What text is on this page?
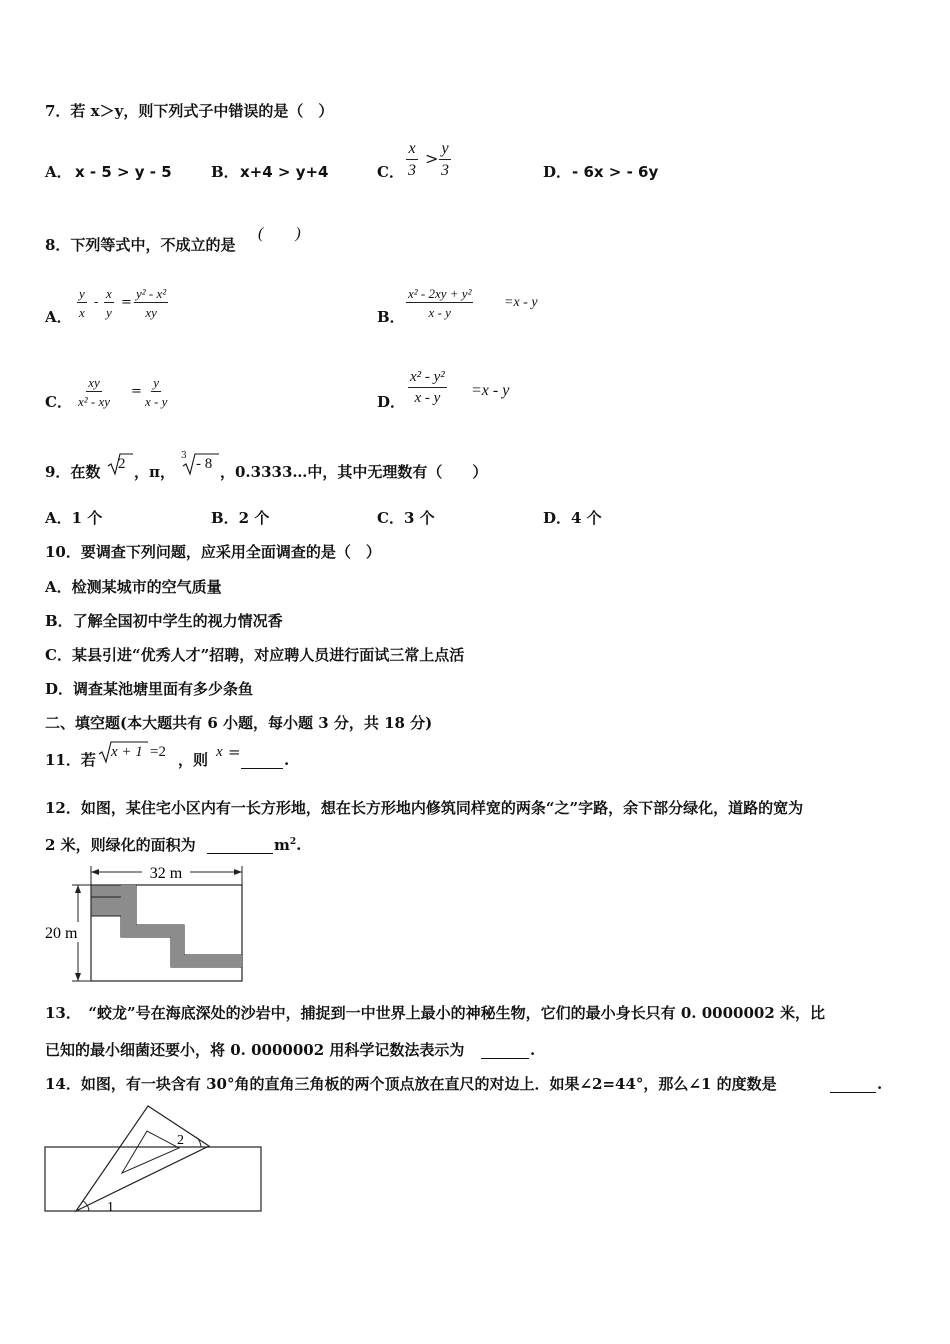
7．若 x＞y，则下列式子中错误的是（　）
A． x - 5 > y - 5	B． x+4 > y+4	C． $\frac{x}{3} > \frac{y}{3}$	D． - 6x > - 6y
8．下列等式中，不成立的是
(　　)
A． $\frac{y}{x} - \frac{x}{y} = \frac{\text{y² - x²}}{xy}$	B． $\frac{\text{x² - 2xy + y²}}{x - y} =x - y$
C． $\frac{xy}{\text{x² - xy}} = \frac{y}{x - y}$	D． $\frac{\text{x² - y²}}{x - y} =x - y$
9．在数 2 ，π，
3 - 8 ，0.3333…中，其中无理数有（　　）
A．1 个	B．2 个	C．3 个	D．4 个
10．要调查下列问题，应采用全面调查的是（　）
A．检测某城市的空气质量
B．了解全国初中学生的视力情况香
C．某县引进“优秀人才”招聘，对应聘人员进行面试三常上点活
D．调查某池塘里面有多少条鱼
二、填空题(本大题共有 6 小题，每小题 3 分，共 18 分)
11．若 x + 1 =2 ，则 x =	.
12．如图，某住宅小区内有一长方形地，想在长方形地内修筑同样宽的两条“之”字路，余下部分绿化，道路的宽为
2 米，则绿化的面积为	$m^2$.
32 m
20 m
13．　“蛟龙”号在海底深处的沙岩中，捕捉到一中世界上最小的神秘生物，它们的最小身长只有 0. 0000002 米，比
已知的最小细菌还要小，将 0. 0000002 用科学记数法表示为	.
14．如图，有一块含有 30°角的直角三角板的两个顶点放在直尺的对边上．如果∠2=44°，那么∠1 的度数是	.
2
1
